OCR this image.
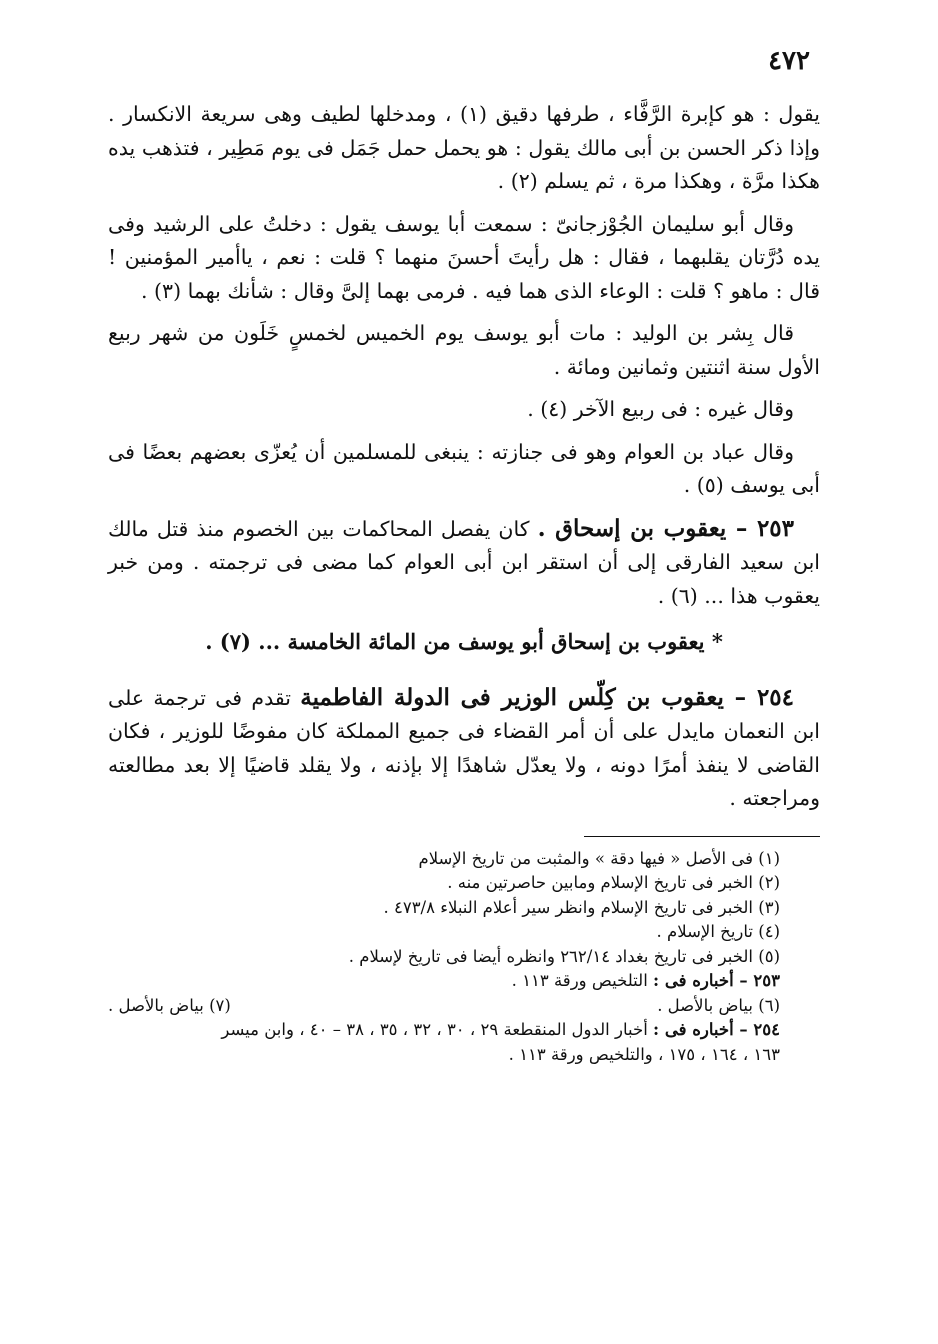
٤٧٢

يقول : هو كإبرة الرَّفَّاء ، طرفها دقيق (١) ، ومدخلها لطيف وهى سريعة الانكسار . وإذا ذكر الحسن بن أبى مالك يقول : هو يحمل حمل جَمَل فى يوم مَطِير ، فتذهب يده هكذا مرَّة ، وهكذا مرة ، ثم يسلم (٢) .

وقال أبو سليمان الجُوْزجانىّ : سمعت أبا يوسف يقول : دخلتُ على الرشيد وفى يده دُرَّتان يقلبهما ، فقال : هل رأيتَ أحسنَ منهما ؟ قلت : نعم ، ياأمير المؤمنين ! قال : ماهو ؟ قلت : الوعاء الذى هما فيه . فرمى بهما إلىَّ وقال : شأنك بهما (٣) .

قال بِشر بن الوليد : مات أبو يوسف يوم الخميس لخمسٍ خَلَون من شهر ربيع الأول سنة اثنتين وثمانين ومائة .

وقال غيره : فى ربيع الآخر (٤) .

وقال عباد بن العوام وهو فى جنازته : ينبغى للمسلمين أن يُعزّى بعضهم بعضًا فى أبى يوسف (٥) .

٢٥٣ – يعقوب بن إسحاق . كان يفصل المحاكمات بين الخصوم منذ قتل مالك ابن سعيد الفارقى إلى أن استقر ابن أبى العوام كما مضى فى ترجمته . ومن خبر يعقوب هذا ... (٦) .

* يعقوب بن إسحاق أبو يوسف من المائة الخامسة ... (٧) .

٢٥٤ – يعقوب بن كِلّس الوزير فى الدولة الفاطمية تقدم فى ترجمة على ابن النعمان مايدل على أن أمر القضاء فى جميع المملكة كان مفوضًا للوزير ، فكان القاضى لا ينفذ أمرًا دونه ، ولا يعدّل شاهدًا إلا بإذنه ، ولا يقلد قاضيًا إلا بعد مطالعته ومراجعته .

(١) فى الأصل « فيها دقة » والمثبت من تاريخ الإسلام
(٢) الخبر فى تاريخ الإسلام ومابين حاصرتين منه .
(٣) الخبر فى تاريخ الإسلام وانظر سير أعلام النبلاء ٤٧٣/٨ .
(٤) تاريخ الإسلام .
(٥) الخبر فى تاريخ بغداد ٢٦٢/١٤ وانظره أيضا فى تاريخ لإسلام .
٢٥٣ – أخباره فى : التلخيص ورقة ١١٣ .
(٦) بياض بالأصل .
(٧) بياض بالأصل .
٢٥٤ – أخباره فى : أخبار الدول المنقطعة ٢٩ ، ٣٠ ، ٣٢ ، ٣٥ ، ٣٨ – ٤٠ ، وابن ميسر
١٦٣ ، ١٦٤ ، ١٧٥ ، والتلخيص ورقة ١١٣ .
